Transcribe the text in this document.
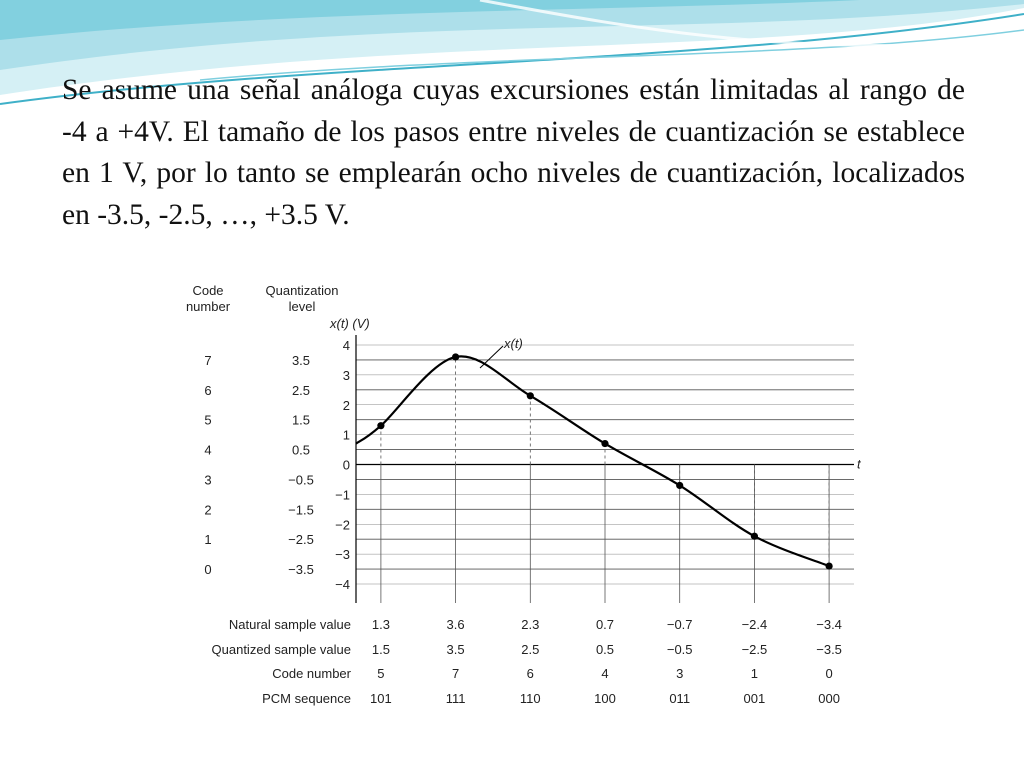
Se asume una señal análoga cuyas excursiones están limitadas al rango de -4 a +4V. El tamaño de los pasos entre niveles de cuantización se establece en 1 V, por lo tanto se emplearán ocho niveles de cuantización, localizados en -3.5, -2.5, …, +3.5 V.

Code
number
Quantization
level
x(t) (V)
t
4
3
2
1
0
−1
−2
−3
−4
7	3.5
6	2.5
5	1.5
4	0.5
3	−0.5
2	−1.5
1	−2.5
0	−3.5
x(t)
Natural sample value 1.3	3.6	2.3	0.7	−0.7	−2.4	−3.4
Quantized sample value 1.5	3.5	2.5	0.5	−0.5	−2.5	−3.5
Code number 5	7	6	4	3	1	0
PCM sequence 101	111	110	100	011	001	000
